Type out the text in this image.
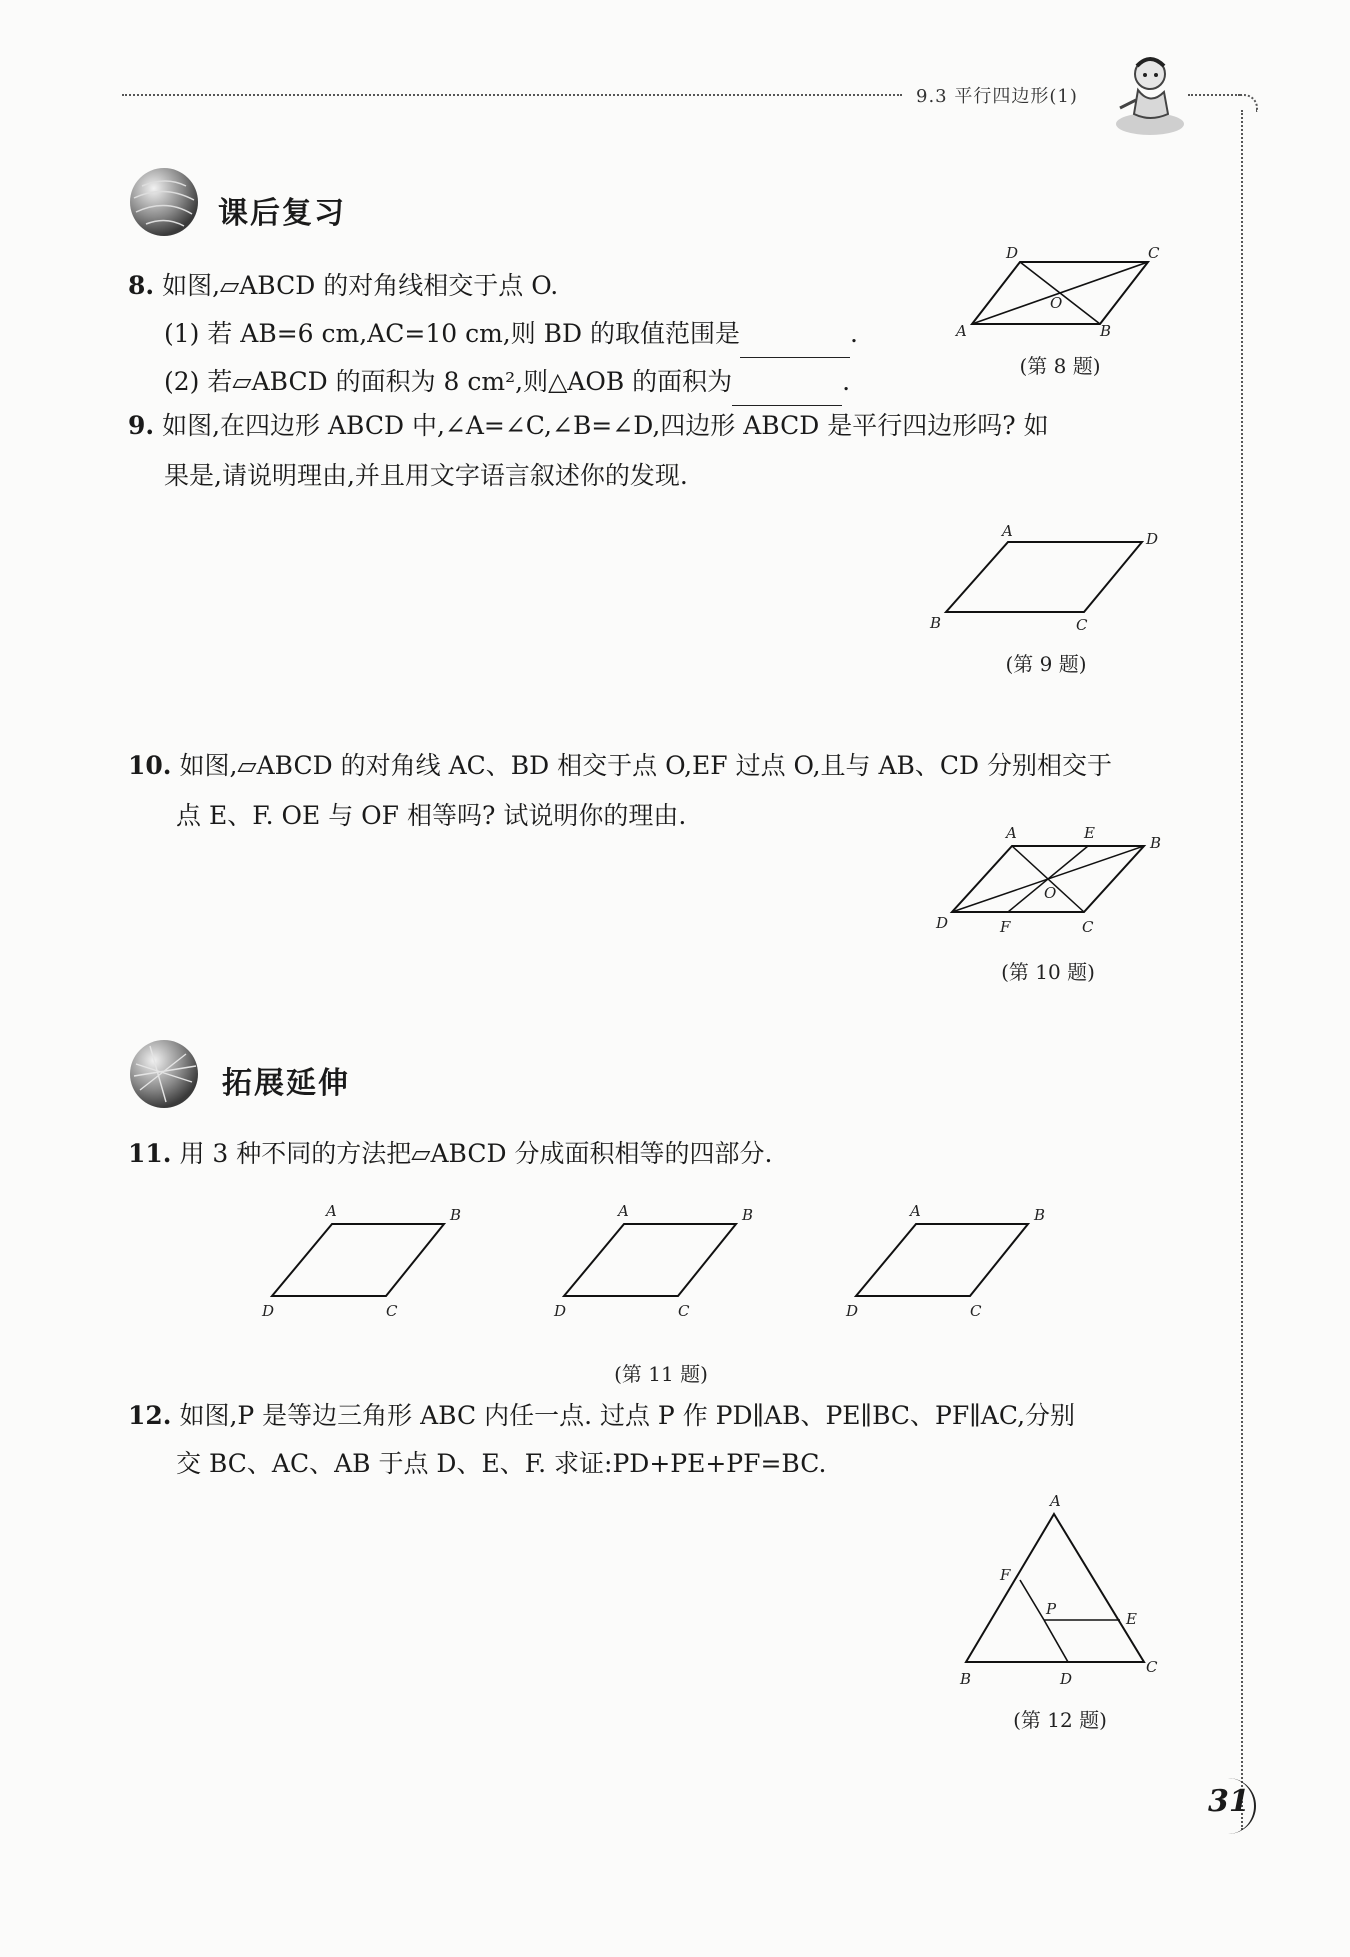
9.3 平行四边形(1)
课后复习
8. 如图,▱ABCD 的对角线相交于点 O.
(1) 若 AB=6 cm,AC=10 cm,则 BD 的取值范围是	.
(2) 若▱ABCD 的面积为 8 cm²,则△AOB 的面积为	.
A	B
C
D
O
(第 8 题)
9. 如图,在四边形 ABCD 中,∠A=∠C,∠B=∠D,四边形 ABCD 是平行四边形吗? 如
果是,请说明理由,并且用文字语言叙述你的发现.
A	D
B	C
(第 9 题)
10. 如图,▱ABCD 的对角线 AC、BD 相交于点 O,EF 过点 O,且与 AB、CD 分别相交于
点 E、F. OE 与 OF 相等吗? 试说明你的理由.
A	E
B
D	F	C
O
(第 10 题)
拓展延伸
11. 用 3 种不同的方法把▱ABCD 分成面积相等的四部分.
A	B
D	C
A	B
D	C
A	B
D	C
(第 11 题)
12. 如图,P 是等边三角形 ABC 内任一点. 过点 P 作 PD∥AB、PE∥BC、PF∥AC,分别
交 BC、AC、AB 于点 D、E、F. 求证:PD+PE+PF=BC.
A
F
P
E
C
B	D
(第 12 题)
31
